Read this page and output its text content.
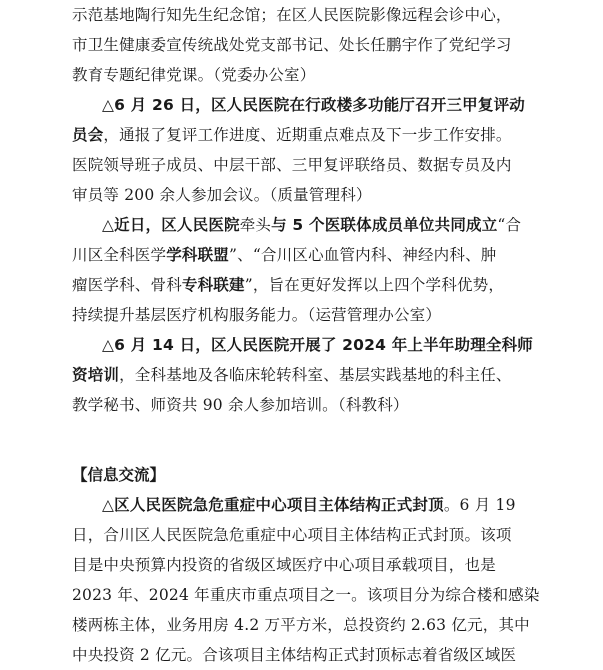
示范基地陶行知先生纪念馆；在区人民医院影像远程会诊中心，
市卫生健康委宣传统战处党支部书记、处长任鹏宇作了党纪学习
教育专题纪律党课。（党委办公室）
△6 月 26 日，区人民医院在行政楼多功能厅召开三甲复评动
员会，通报了复评工作进度、近期重点难点及下一步工作安排。
医院领导班子成员、中层干部、三甲复评联络员、数据专员及内
审员等 200 余人参加会议。（质量管理科）
△近日，区人民医院牵头与 5 个医联体成员单位共同成立“合
川区全科医学学科联盟”、“合川区心血管内科、神经内科、肿
瘤医学科、骨科专科联建”，旨在更好发挥以上四个学科优势，
持续提升基层医疗机构服务能力。（运营管理办公室）
△6 月 14 日，区人民医院开展了 2024 年上半年助理全科师
资培训，全科基地及各临床轮转科室、基层实践基地的科主任、
教学秘书、师资共 90 余人参加培训。（科教科）
【信息交流】
△区人民医院急危重症中心项目主体结构正式封顶。6 月 19
日，合川区人民医院急危重症中心项目主体结构正式封顶。该项
目是中央预算内投资的省级区域医疗中心项目承载项目，也是
2023 年、2024 年重庆市重点项目之一。该项目分为综合楼和感染
楼两栋主体，业务用房 4.2 万平方米，总投资约 2.63 亿元，其中
中央投资 2 亿元。合该项目主体结构正式封顶标志着省级区域医
